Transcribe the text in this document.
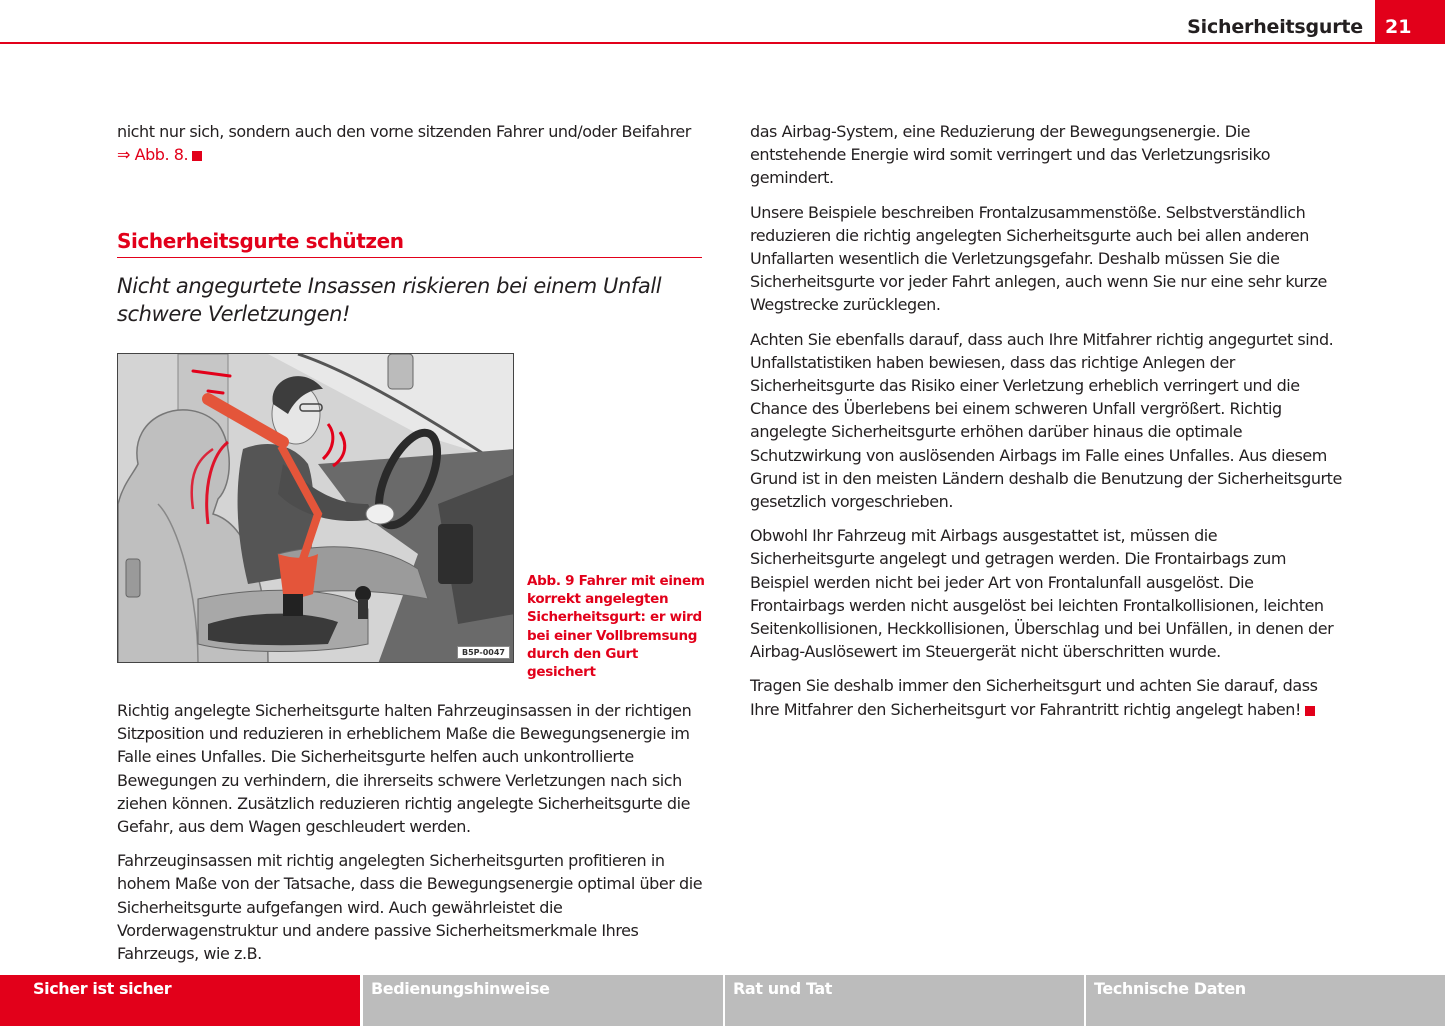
Sicherheitsgurte 21

nicht nur sich, sondern auch den vorne sitzenden Fahrer und/oder Beifahrer
⇒ Abb. 8.

Sicherheitsgurte schützen
Nicht angegurtete Insassen riskieren bei einem Unfall schwere Verletzungen!
B5P-0047
Abb. 9 Fahrer mit einem korrekt angelegten Sicherheitsgurt: er wird bei einer Vollbremsung durch den Gurt gesichert

Richtig angelegte Sicherheitsgurte halten Fahrzeuginsassen in der richtigen Sitzposition und reduzieren in erheblichem Maße die Bewegungsenergie im Falle eines Unfalles. Die Sicherheitsgurte helfen auch unkontrollierte Bewegungen zu verhindern, die ihrerseits schwere Verletzungen nach sich ziehen können. Zusätzlich reduzieren richtig angelegte Sicherheitsgurte die Gefahr, aus dem Wagen geschleudert werden.

Fahrzeuginsassen mit richtig angelegten Sicherheitsgurten profitieren in hohem Maße von der Tatsache, dass die Bewegungsenergie optimal über die Sicherheitsgurte aufgefangen wird. Auch gewährleistet die Vorderwagenstruktur und andere passive Sicherheitsmerkmale Ihres Fahrzeugs, wie z.B.

das Airbag-System, eine Reduzierung der Bewegungsenergie. Die entstehende Energie wird somit verringert und das Verletzungsrisiko gemindert.

Unsere Beispiele beschreiben Frontalzusammenstöße. Selbstverständlich reduzieren die richtig angelegten Sicherheitsgurte auch bei allen anderen Unfallarten wesentlich die Verletzungsgefahr. Deshalb müssen Sie die Sicherheitsgurte vor jeder Fahrt anlegen, auch wenn Sie nur eine sehr kurze Wegstrecke zurücklegen.

Achten Sie ebenfalls darauf, dass auch Ihre Mitfahrer richtig angegurtet sind. Unfallstatistiken haben bewiesen, dass das richtige Anlegen der Sicherheitsgurte das Risiko einer Verletzung erheblich verringert und die Chance des Überlebens bei einem schweren Unfall vergrößert. Richtig angelegte Sicherheitsgurte erhöhen darüber hinaus die optimale Schutzwirkung von auslösenden Airbags im Falle eines Unfalles. Aus diesem Grund ist in den meisten Ländern deshalb die Benutzung der Sicherheitsgurte gesetzlich vorgeschrieben.

Obwohl Ihr Fahrzeug mit Airbags ausgestattet ist, müssen die Sicherheitsgurte angelegt und getragen werden. Die Frontairbags zum Beispiel werden nicht bei jeder Art von Frontalunfall ausgelöst. Die Frontairbags werden nicht ausgelöst bei leichten Frontalkollisionen, leichten Seitenkollisionen, Heckkollisionen, Überschlag und bei Unfällen, in denen der Airbag-Auslösewert im Steuergerät nicht überschritten wurde.

Tragen Sie deshalb immer den Sicherheitsgurt und achten Sie darauf, dass Ihre Mitfahrer den Sicherheitsgurt vor Fahrantritt richtig angelegt haben!

Sicher ist sicher	Bedienungshinweise	Rat und Tat	Technische Daten
